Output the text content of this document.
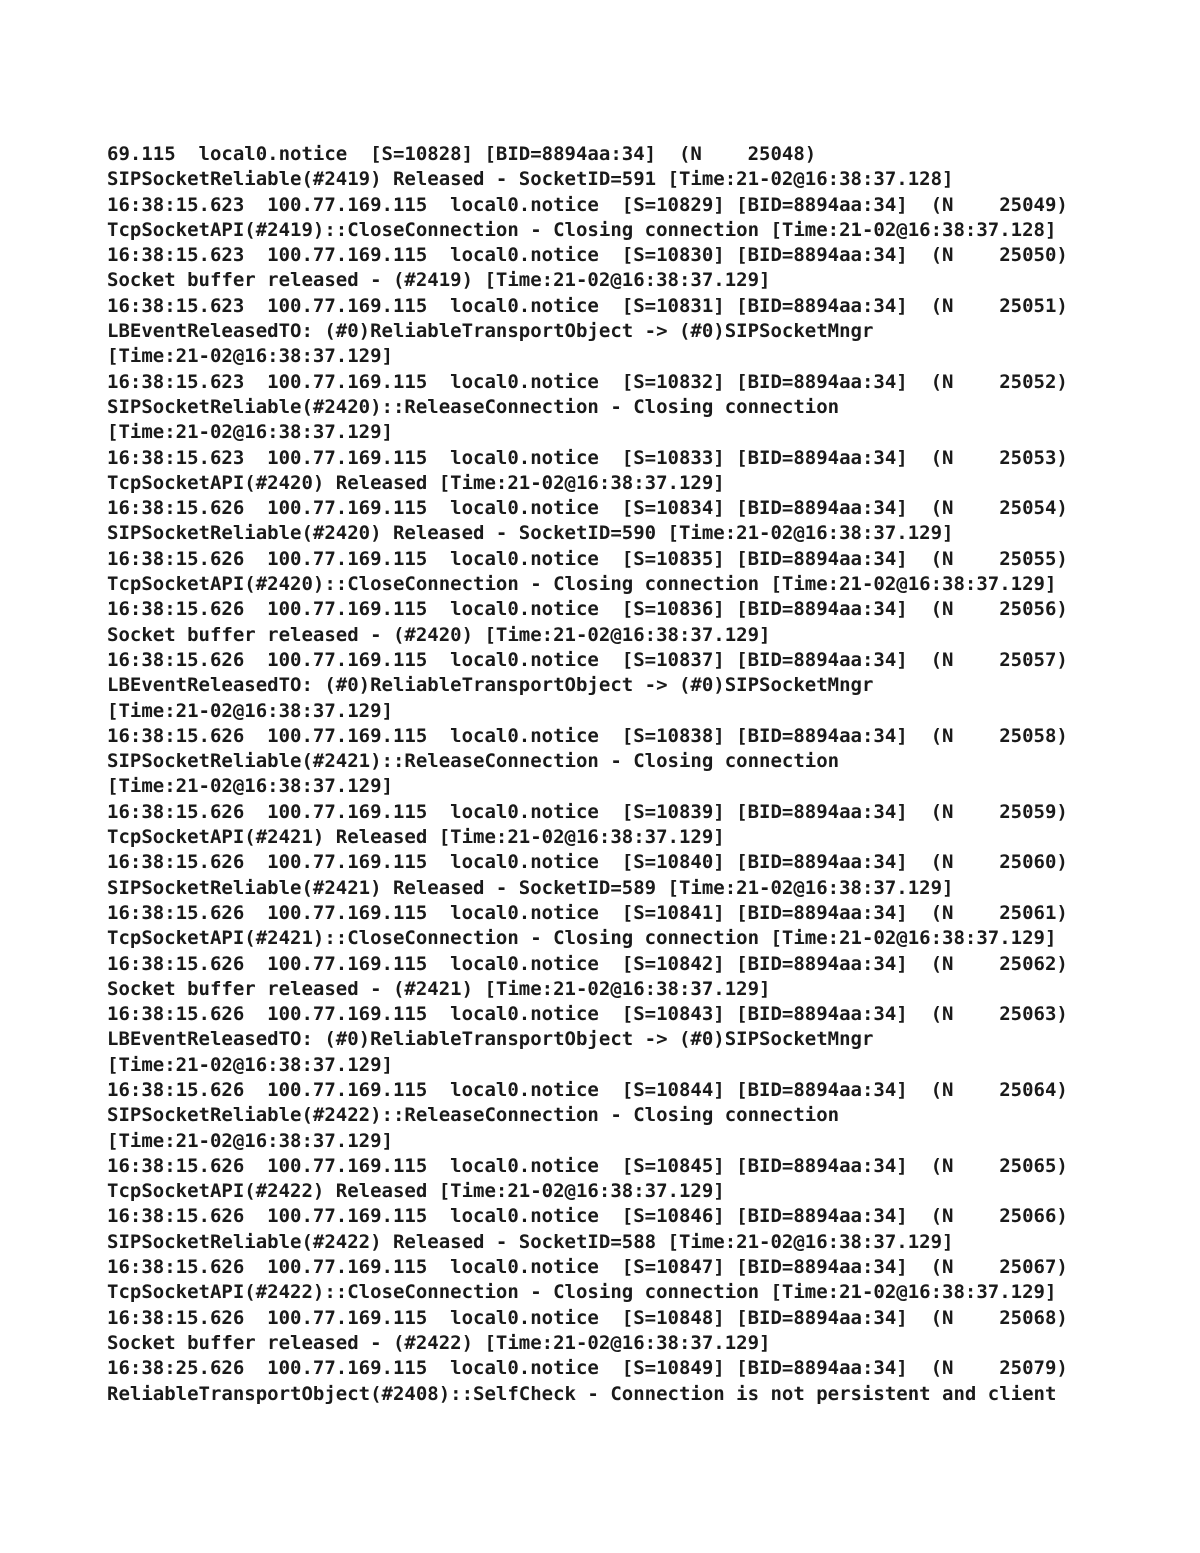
69.115  local0.notice  [S=10828] [BID=8894aa:34]  (N    25048)
SIPSocketReliable(#2419) Released - SocketID=591 [Time:21-02@16:38:37.128]
16:38:15.623  100.77.169.115  local0.notice  [S=10829] [BID=8894aa:34]  (N    25049)
TcpSocketAPI(#2419)::CloseConnection - Closing connection [Time:21-02@16:38:37.128]
16:38:15.623  100.77.169.115  local0.notice  [S=10830] [BID=8894aa:34]  (N    25050)
Socket buffer released - (#2419) [Time:21-02@16:38:37.129]
16:38:15.623  100.77.169.115  local0.notice  [S=10831] [BID=8894aa:34]  (N    25051)
LBEventReleasedTO: (#0)ReliableTransportObject -> (#0)SIPSocketMngr
[Time:21-02@16:38:37.129]
16:38:15.623  100.77.169.115  local0.notice  [S=10832] [BID=8894aa:34]  (N    25052)
SIPSocketReliable(#2420)::ReleaseConnection - Closing connection
[Time:21-02@16:38:37.129]
16:38:15.623  100.77.169.115  local0.notice  [S=10833] [BID=8894aa:34]  (N    25053)
TcpSocketAPI(#2420) Released [Time:21-02@16:38:37.129]
16:38:15.626  100.77.169.115  local0.notice  [S=10834] [BID=8894aa:34]  (N    25054)
SIPSocketReliable(#2420) Released - SocketID=590 [Time:21-02@16:38:37.129]
16:38:15.626  100.77.169.115  local0.notice  [S=10835] [BID=8894aa:34]  (N    25055)
TcpSocketAPI(#2420)::CloseConnection - Closing connection [Time:21-02@16:38:37.129]
16:38:15.626  100.77.169.115  local0.notice  [S=10836] [BID=8894aa:34]  (N    25056)
Socket buffer released - (#2420) [Time:21-02@16:38:37.129]
16:38:15.626  100.77.169.115  local0.notice  [S=10837] [BID=8894aa:34]  (N    25057)
LBEventReleasedTO: (#0)ReliableTransportObject -> (#0)SIPSocketMngr
[Time:21-02@16:38:37.129]
16:38:15.626  100.77.169.115  local0.notice  [S=10838] [BID=8894aa:34]  (N    25058)
SIPSocketReliable(#2421)::ReleaseConnection - Closing connection
[Time:21-02@16:38:37.129]
16:38:15.626  100.77.169.115  local0.notice  [S=10839] [BID=8894aa:34]  (N    25059)
TcpSocketAPI(#2421) Released [Time:21-02@16:38:37.129]
16:38:15.626  100.77.169.115  local0.notice  [S=10840] [BID=8894aa:34]  (N    25060)
SIPSocketReliable(#2421) Released - SocketID=589 [Time:21-02@16:38:37.129]
16:38:15.626  100.77.169.115  local0.notice  [S=10841] [BID=8894aa:34]  (N    25061)
TcpSocketAPI(#2421)::CloseConnection - Closing connection [Time:21-02@16:38:37.129]
16:38:15.626  100.77.169.115  local0.notice  [S=10842] [BID=8894aa:34]  (N    25062)
Socket buffer released - (#2421) [Time:21-02@16:38:37.129]
16:38:15.626  100.77.169.115  local0.notice  [S=10843] [BID=8894aa:34]  (N    25063)
LBEventReleasedTO: (#0)ReliableTransportObject -> (#0)SIPSocketMngr
[Time:21-02@16:38:37.129]
16:38:15.626  100.77.169.115  local0.notice  [S=10844] [BID=8894aa:34]  (N    25064)
SIPSocketReliable(#2422)::ReleaseConnection - Closing connection
[Time:21-02@16:38:37.129]
16:38:15.626  100.77.169.115  local0.notice  [S=10845] [BID=8894aa:34]  (N    25065)
TcpSocketAPI(#2422) Released [Time:21-02@16:38:37.129]
16:38:15.626  100.77.169.115  local0.notice  [S=10846] [BID=8894aa:34]  (N    25066)
SIPSocketReliable(#2422) Released - SocketID=588 [Time:21-02@16:38:37.129]
16:38:15.626  100.77.169.115  local0.notice  [S=10847] [BID=8894aa:34]  (N    25067)
TcpSocketAPI(#2422)::CloseConnection - Closing connection [Time:21-02@16:38:37.129]
16:38:15.626  100.77.169.115  local0.notice  [S=10848] [BID=8894aa:34]  (N    25068)
Socket buffer released - (#2422) [Time:21-02@16:38:37.129]
16:38:25.626  100.77.169.115  local0.notice  [S=10849] [BID=8894aa:34]  (N    25079)
ReliableTransportObject(#2408)::SelfCheck - Connection is not persistent and client
